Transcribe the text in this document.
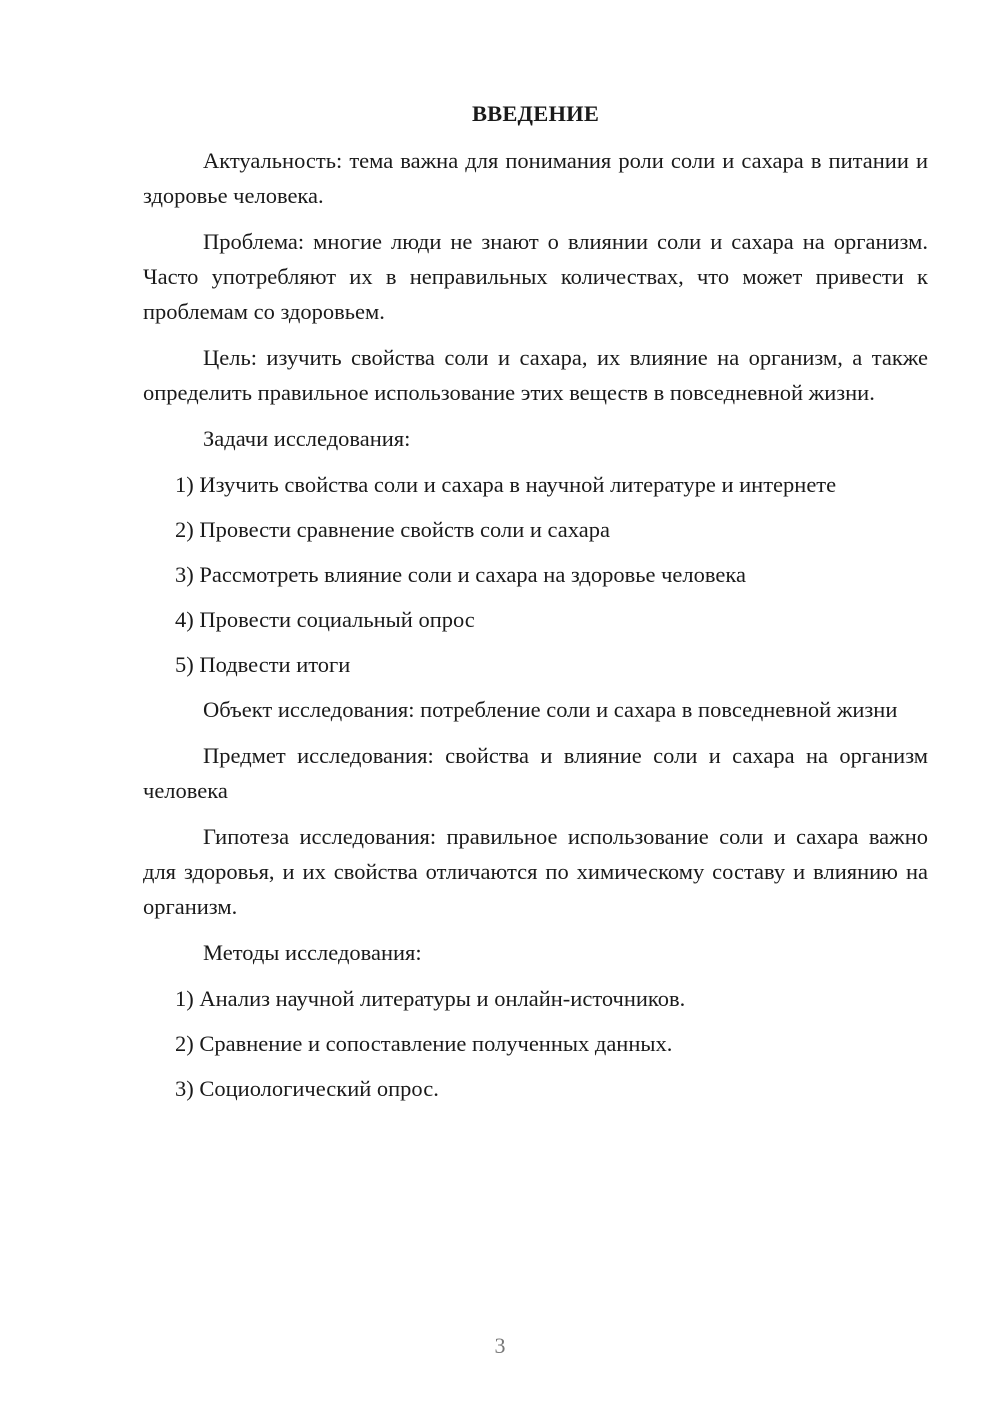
ВВЕДЕНИЕ

Актуальность: тема важна для понимания роли соли и сахара в питании и здоровье человека.

Проблема: многие люди не знают о влиянии соли и сахара на организм. Часто употребляют их в неправильных количествах, что может привести к проблемам со здоровьем.

Цель: изучить свойства соли и сахара, их влияние на организм, а также определить правильное использование этих веществ в повседневной жизни.

Задачи исследования:

1) Изучить свойства соли и сахара в научной литературе и интернете
2) Провести сравнение свойств соли и сахара
3) Рассмотреть влияние соли и сахара на здоровье человека
4) Провести социальный опрос
5) Подвести итоги

Объект исследования: потребление соли и сахара в повседневной жизни

Предмет исследования: свойства и влияние соли и сахара на организм человека

Гипотеза исследования: правильное использование соли и сахара важно для здоровья, и их свойства отличаются по химическому составу и влиянию на организм.

Методы исследования:

1) Анализ научной литературы и онлайн-источников.
2) Сравнение и сопоставление полученных данных.
3) Социологический опрос.
3
